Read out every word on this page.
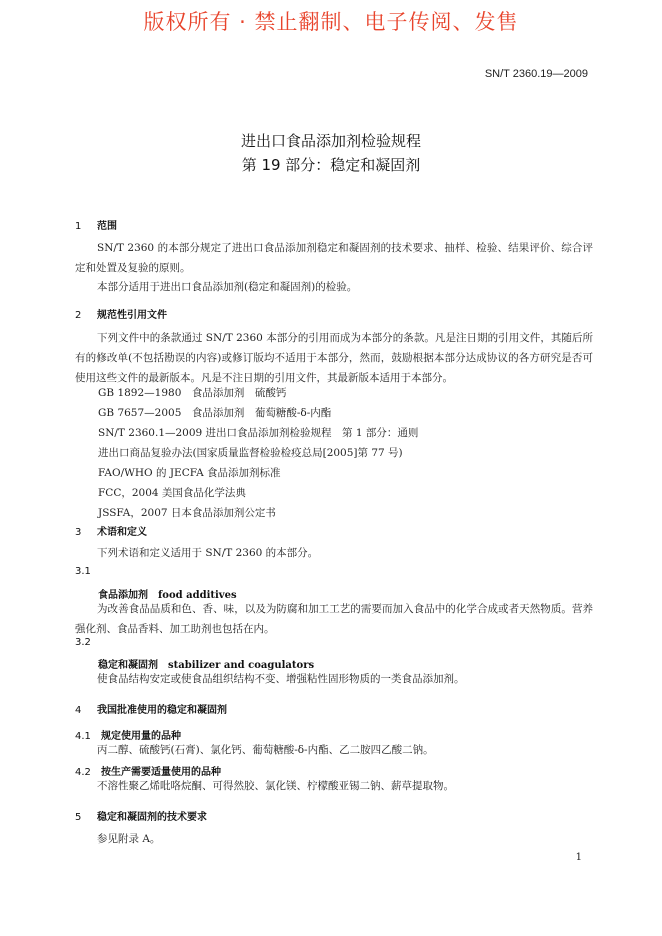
版权所有 · 禁止翻制、电子传阅、发售
SN/T 2360.19—2009
进出口食品添加剂检验规程
第 19 部分：稳定和凝固剂
1 范围
SN/T 2360 的本部分规定了进出口食品添加剂稳定和凝固剂的技术要求、抽样、检验、结果评价、综合评定和处置及复验的原则。
本部分适用于进出口食品添加剂(稳定和凝固剂)的检验。
2 规范性引用文件
下列文件中的条款通过 SN/T 2360 本部分的引用而成为本部分的条款。凡是注日期的引用文件，其随后所有的修改单(不包括勘误的内容)或修订版均不适用于本部分，然而，鼓励根据本部分达成协议的各方研究是否可使用这些文件的最新版本。凡是不注日期的引用文件，其最新版本适用于本部分。
GB 1892—1980　食品添加剂　硫酸钙
GB 7657—2005　食品添加剂　葡萄糖酸-δ-内酯
SN/T 2360.1—2009 进出口食品添加剂检验规程　第 1 部分：通则
进出口商品复验办法(国家质量监督检验检疫总局[2005]第 77 号)
FAO/WHO 的 JECFA 食品添加剂标准
FCC，2004 美国食品化学法典
JSSFA，2007 日本食品添加剂公定书
3 术语和定义
下列术语和定义适用于 SN/T 2360 的本部分。
3.1
食品添加剂 food additives
为改善食品品质和色、香、味，以及为防腐和加工工艺的需要而加入食品中的化学合成或者天然物质。营养强化剂、食品香料、加工助剂也包括在内。
3.2
稳定和凝固剂 stabilizer and coagulators
使食品结构安定或使食品组织结构不变、增强粘性固形物质的一类食品添加剂。
4 我国批准使用的稳定和凝固剂
4.1 规定使用量的品种
丙二醇、硫酸钙(石膏)、氯化钙、葡萄糖酸-δ-内酯、乙二胺四乙酸二钠。
4.2 按生产需要适量使用的品种
不溶性聚乙烯吡咯烷酮、可得然胶、氯化镁、柠檬酸亚锡二钠、薪草提取物。
5 稳定和凝固剂的技术要求
参见附录 A。
1
